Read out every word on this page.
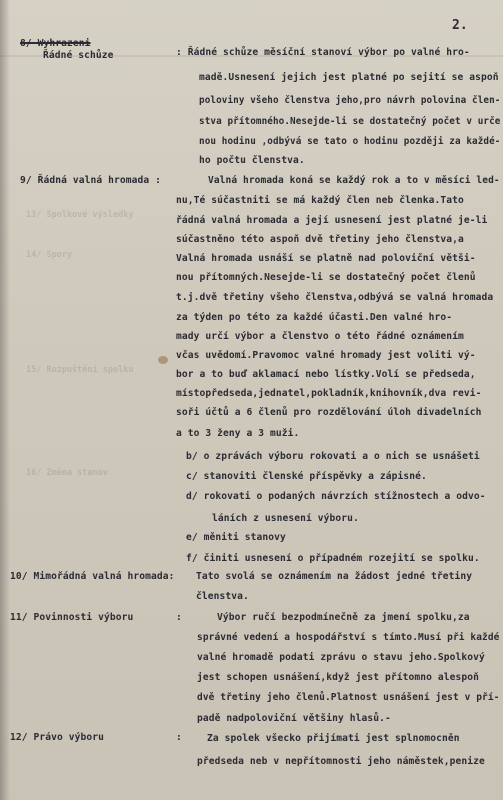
13/ Spolkové výsledky
14/ Spory
15/ Rozpuštění spolku
16/ Změna stanov
2.
8/ Wyhrazeni
Řádné schůze	: Řádné schůze měsíční stanoví výbor po valné hro-
madě.Usnesení jejich jest platné po sejití se aspoň
poloviny všeho členstva jeho,pro návrh polovina člen-
stva přítomného.Nesejde-li se dostatečný počet v urče
nou hodinu ,odbývá se tato o hodinu později za každé-
ho počtu členstva.
9/ Řádná valná hromada :	Valná hromada koná se každý rok a to v měsíci led-
nu,Té súčastniti se má každý člen neb členka.Tato
řádná valná hromada a její usnesení jest platné je-li
súčastněno této aspoň dvě třetiny jeho členstva,a
Valná hromada usnáší se platně nad poloviční větši-
nou přítomných.Nesejde-li se dostatečný počet členů
t.j.dvě třetiny všeho členstva,odbývá se valná hromada
za týden po této za každé účasti.Den valné hro-
mady určí výbor a členstvo o této řádné oznámením
včas uvědomí.Pravomoc valné hromady jest voliti vý-
bor a to buď aklamací nebo lístky.Volí se předseda,
místopředseda,jednatel,pokladník,knihovník,dva revi-
soři účtů a 6 členů pro rozdělování úloh divadelních
a to 3 ženy a 3 muži.
b/ o zprávách výboru rokovati a o nich se usnášeti
c/ stanoviti členské příspěvky a zápisné.
d/ rokovati o podaných návrzích stížnostech a odvo-
láních z usnesení výboru.
e/ měniti stanovy
f/ činiti usnesení o případném rozejití se spolku.
10/ Mimořádná valná hromada: Tato svolá se oznámením na žádost jedné třetiny
členstva.
11/ Povinnosti výboru	:	Výbor ručí bezpodmínečně za jmení spolku,za
správné vedení a hospodářství s tímto.Musí při každé
valné hromadě podati zprávu o stavu jeho.Spolkový
jest schopen usnášení,když jest přítomno alespoň
dvě třetiny jeho členů.Platnost usnášení jest v pří-
padě nadpoloviční většiny hlasů.-
12/ Právo výboru	:	Za spolek všecko přijímati jest splnomocněn
předseda neb v nepřítomnosti jeho náměstek,penize
